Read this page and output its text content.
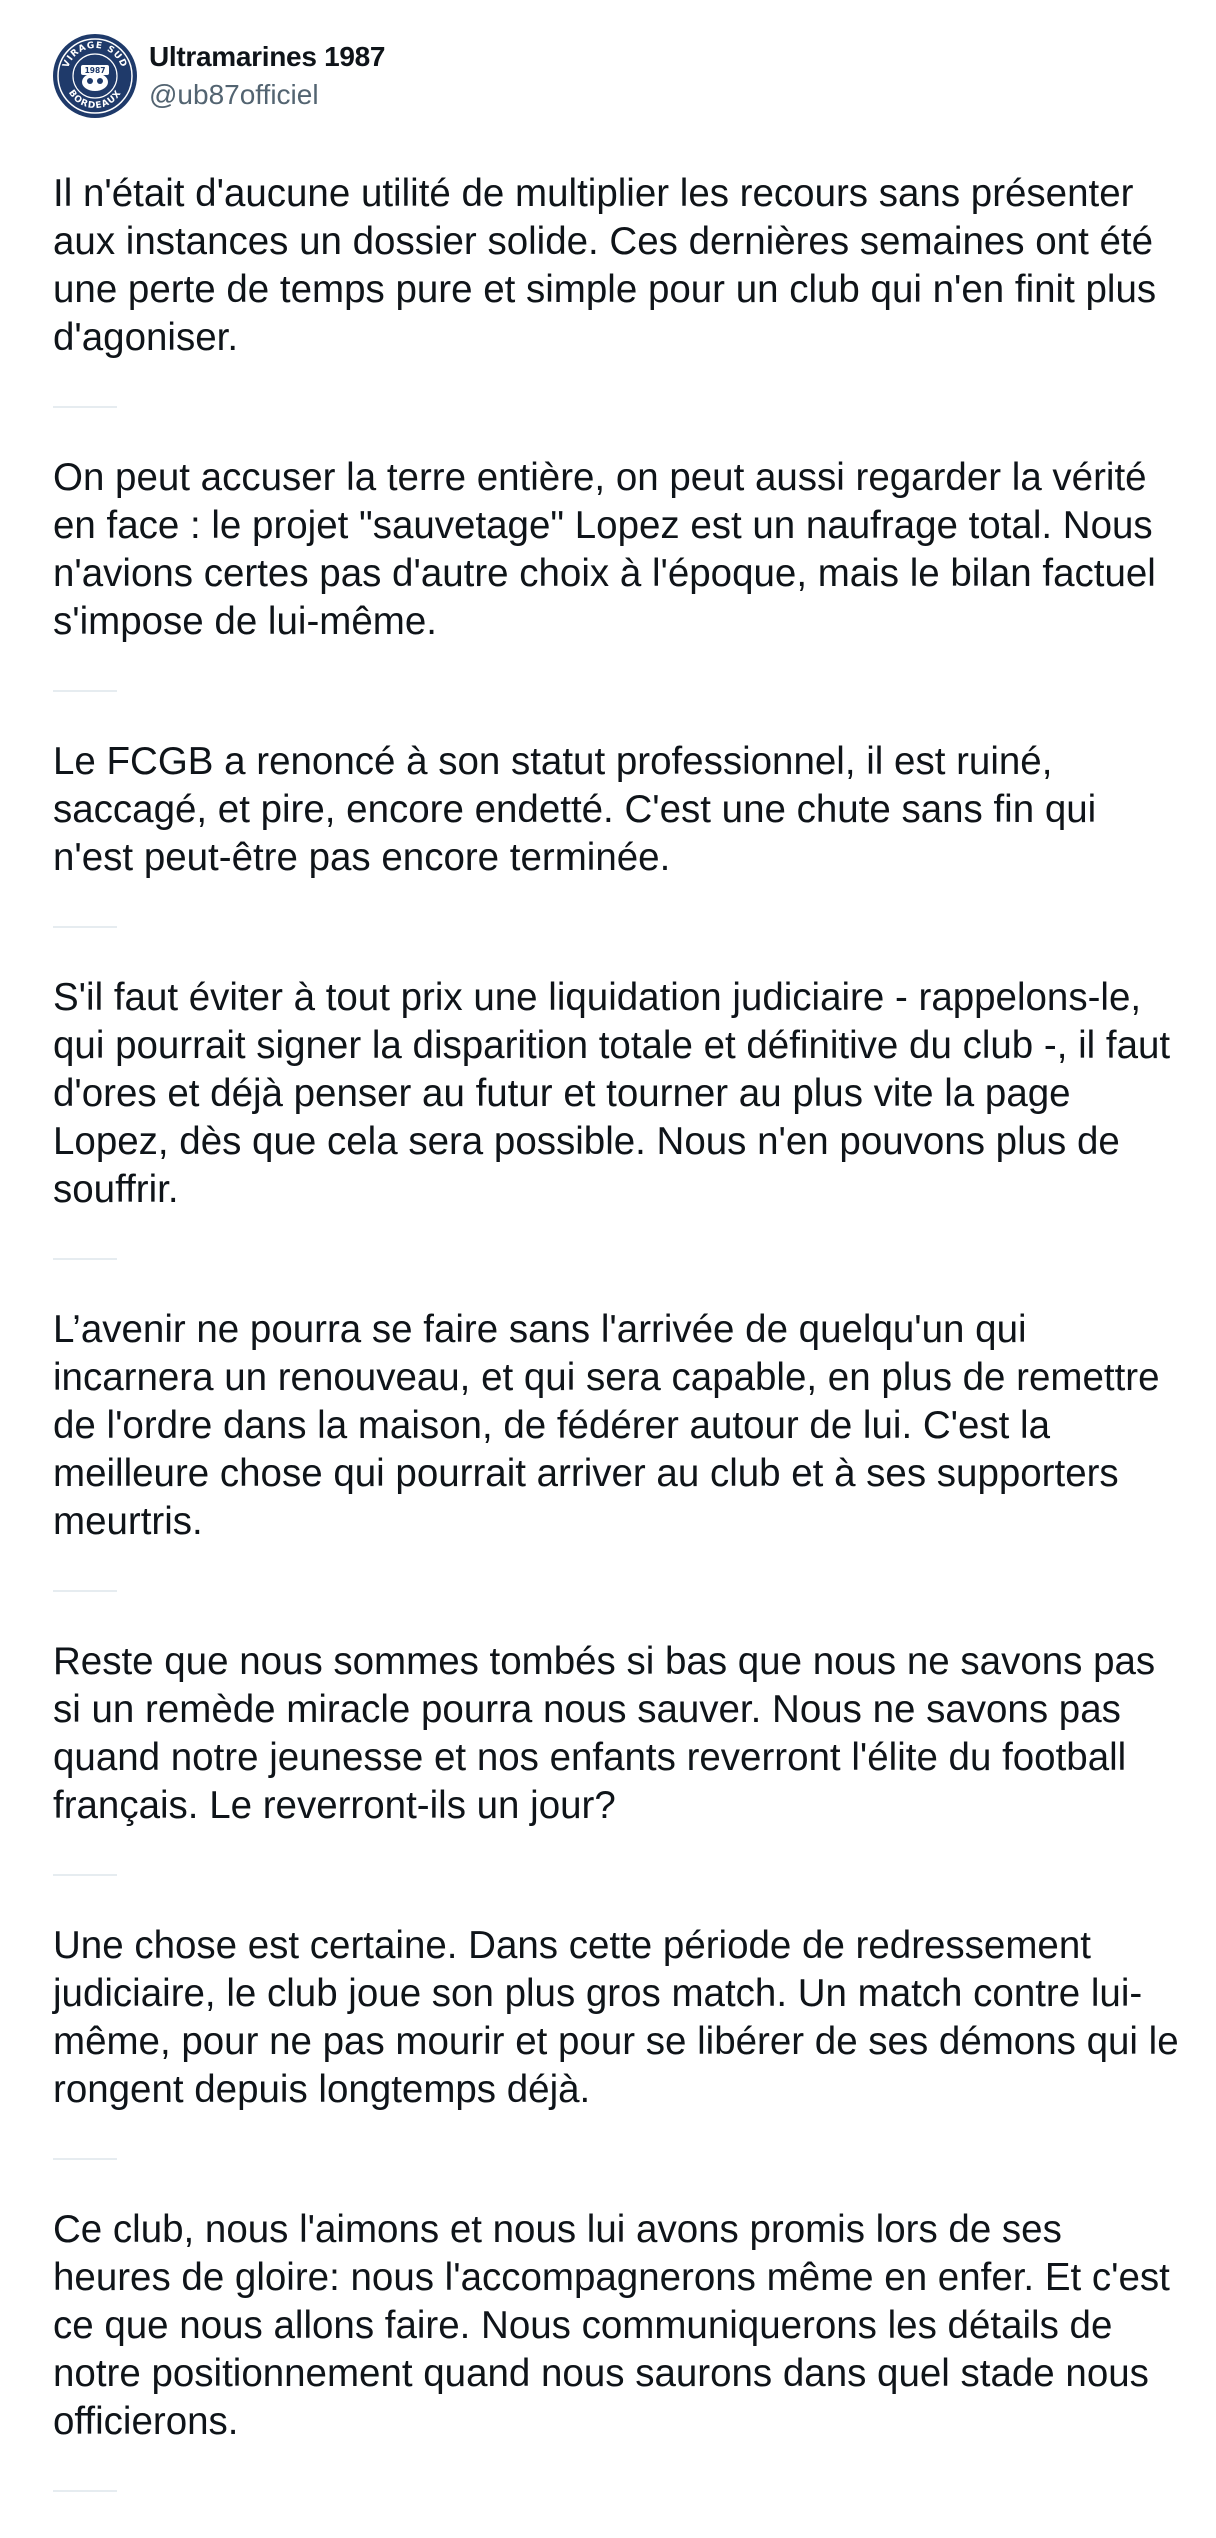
VIRAGE SUD
BORDEAUX
1987 Ultramarines 1987
@ub87officiel

Il n'était d'aucune utilité de multiplier les recours sans présenter aux instances un dossier solide. Ces dernières semaines ont été une perte de temps pure et simple pour un club qui n'en finit plus d'agoniser.

On peut accuser la terre entière, on peut aussi regarder la vérité en face : le projet "sauvetage" Lopez est un naufrage total. Nous n'avions certes pas d'autre choix à l'époque, mais le bilan factuel s'impose de lui-même.

Le FCGB a renoncé à son statut professionnel, il est ruiné, saccagé, et pire, encore endetté. C'est une chute sans fin qui n'est peut-être pas encore terminée.

S'il faut éviter à tout prix une liquidation judiciaire - rappelons-le, qui pourrait signer la disparition totale et définitive du club -, il faut d'ores et déjà penser au futur et tourner au plus vite la page Lopez, dès que cela sera possible. Nous n'en pouvons plus de souffrir.

L’avenir ne pourra se faire sans l'arrivée de quelqu'un qui incarnera un renouveau, et qui sera capable, en plus de remettre de l'ordre dans la maison, de fédérer autour de lui. C'est la meilleure chose qui pourrait arriver au club et à ses supporters meurtris.

Reste que nous sommes tombés si bas que nous ne savons pas si un remède miracle pourra nous sauver. Nous ne savons pas quand notre jeunesse et nos enfants reverront l'élite du football français. Le reverront-ils un jour?

Une chose est certaine. Dans cette période de redressement judiciaire, le club joue son plus gros match. Un match contre lui-même, pour ne pas mourir et pour se libérer de ses démons qui le rongent depuis longtemps déjà.

Ce club, nous l'aimons et nous lui avons promis lors de ses heures de gloire: nous l'accompagnerons même en enfer. Et c'est ce que nous allons faire. Nous communiquerons les détails de notre positionnement quand nous saurons dans quel stade nous officierons.
